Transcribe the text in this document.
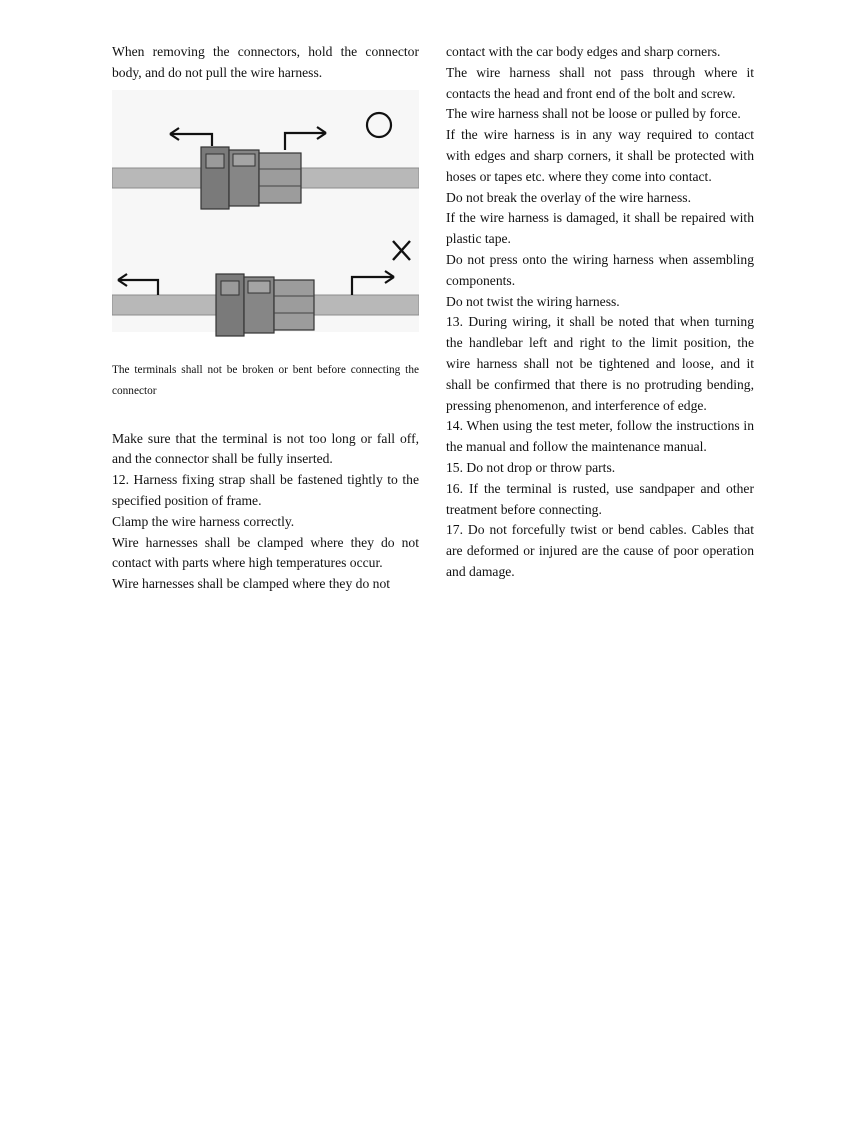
When removing the connectors, hold the connector body, and do not pull the wire harness.

The terminals shall not be broken or bent before connecting the connector

Make sure that the terminal is not too long or fall off, and the connector shall be fully inserted.

12. Harness fixing strap shall be fastened tightly to the specified position of frame.

Clamp the wire harness correctly.

Wire harnesses shall be clamped where they do not contact with parts where high temperatures occur.

Wire harnesses shall be clamped where they do not

contact with the car body edges and sharp corners.

The wire harness shall not pass through where it contacts the head and front end of the bolt and screw.

The wire harness shall not be loose or pulled by force.

If the wire harness is in any way required to contact with edges and sharp corners, it shall be protected with hoses or tapes etc. where they come into contact.

Do not break the overlay of the wire harness.

If the wire harness is damaged, it shall be repaired with plastic tape.

Do not press onto the wiring harness when assembling components.

Do not twist the wiring harness.

13. During wiring, it shall be noted that when turning the handlebar left and right to the limit position, the wire harness shall not be tightened and loose, and it shall be confirmed that there is no protruding bending, pressing phenomenon, and interference of edge.

14. When using the test meter, follow the instructions in the manual and follow the maintenance manual.

15. Do not drop or throw parts.

16. If the terminal is rusted, use sandpaper and other treatment before connecting.

17. Do not forcefully twist or bend cables. Cables that are deformed or injured are the cause of poor operation and damage.
